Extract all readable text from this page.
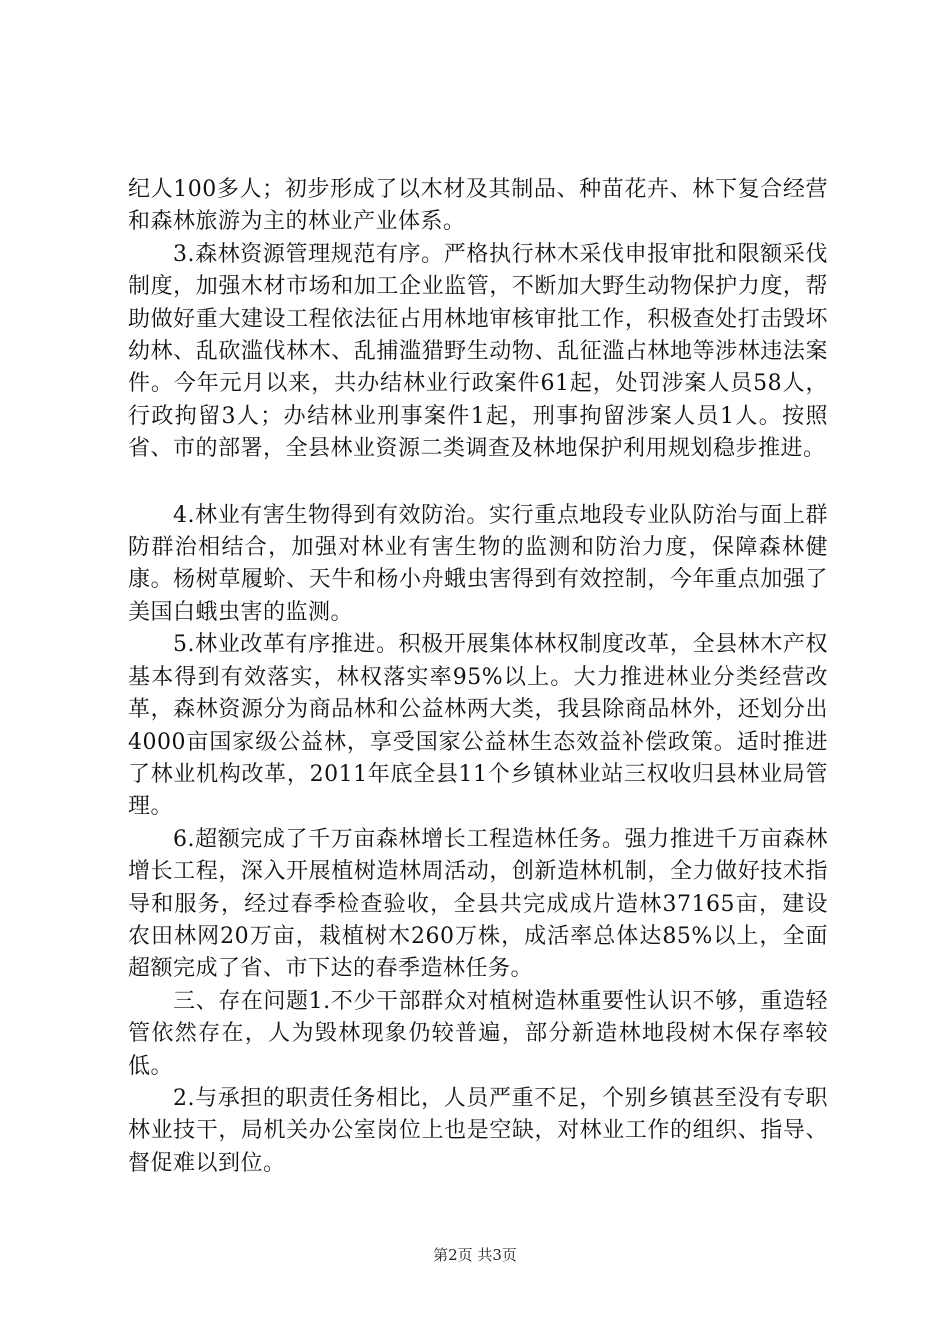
纪人100多人；初步形成了以木材及其制品、种苗花卉、林下复合经营和森林旅游为主的林业产业体系。

3.森林资源管理规范有序。严格执行林木采伐申报审批和限额采伐制度，加强木材市场和加工企业监管，不断加大野生动物保护力度，帮助做好重大建设工程依法征占用林地审核审批工作，积极查处打击毁坏幼林、乱砍滥伐林木、乱捕滥猎野生动物、乱征滥占林地等涉林违法案件。今年元月以来，共办结林业行政案件61起，处罚涉案人员58人，行政拘留3人；办结林业刑事案件1起，刑事拘留涉案人员1人。按照省、市的部署，全县林业资源二类调查及林地保护利用规划稳步推进。

4.林业有害生物得到有效防治。实行重点地段专业队防治与面上群防群治相结合，加强对林业有害生物的监测和防治力度，保障森林健康。杨树草履蚧、天牛和杨小舟蛾虫害得到有效控制，今年重点加强了美国白蛾虫害的监测。

5.林业改革有序推进。积极开展集体林权制度改革，全县林木产权基本得到有效落实，林权落实率95%以上。大力推进林业分类经营改革，森林资源分为商品林和公益林两大类，我县除商品林外，还划分出4000亩国家级公益林，享受国家公益林生态效益补偿政策。适时推进了林业机构改革，2011年底全县11个乡镇林业站三权收归县林业局管理。

6.超额完成了千万亩森林增长工程造林任务。强力推进千万亩森林增长工程，深入开展植树造林周活动，创新造林机制，全力做好技术指导和服务，经过春季检查验收，全县共完成成片造林37165亩，建设农田林网20万亩，栽植树木260万株，成活率总体达85%以上，全面超额完成了省、市下达的春季造林任务。

三、存在问题1.不少干部群众对植树造林重要性认识不够，重造轻管依然存在，人为毁林现象仍较普遍，部分新造林地段树木保存率较低。

2.与承担的职责任务相比，人员严重不足，个别乡镇甚至没有专职林业技干，局机关办公室岗位上也是空缺，对林业工作的组织、指导、督促难以到位。

第2页 共3页
